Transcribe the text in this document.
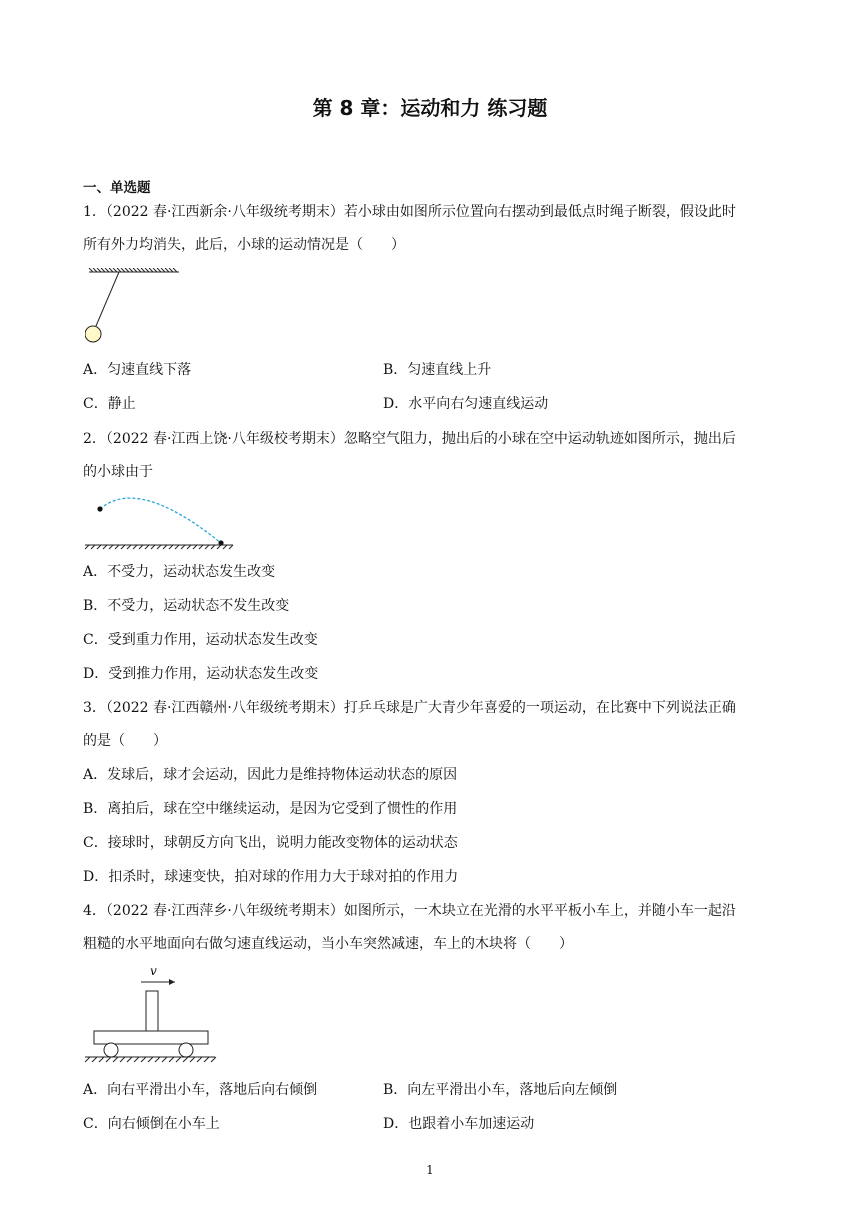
第 8 章：运动和力 练习题
一、单选题
1．（2022 春·江西新余·八年级统考期末）若小球由如图所示位置向右摆动到最低点时绳子断裂，假设此时
所有外力均消失，此后，小球的运动情况是（　　）
A．匀速直线下落	B．匀速直线上升
C．静止	D．水平向右匀速直线运动
2．（2022 春·江西上饶·八年级校考期末）忽略空气阻力，抛出后的小球在空中运动轨迹如图所示，抛出后
的小球由于
A．不受力，运动状态发生改变
B．不受力，运动状态不发生改变
C．受到重力作用，运动状态发生改变
D．受到推力作用，运动状态发生改变
3．（2022 春·江西赣州·八年级统考期末）打乒乓球是广大青少年喜爱的一项运动，在比赛中下列说法正确
的是（　　）
A．发球后，球才会运动，因此力是维持物体运动状态的原因
B．离拍后，球在空中继续运动，是因为它受到了惯性的作用
C．接球时，球朝反方向飞出，说明力能改变物体的运动状态
D．扣杀时，球速变快，拍对球的作用力大于球对拍的作用力
4．（2022 春·江西萍乡·八年级统考期末）如图所示，一木块立在光滑的水平平板小车上，并随小车一起沿
粗糙的水平地面向右做匀速直线运动，当小车突然减速，车上的木块将（　　）
v
A．向右平滑出小车，落地后向右倾倒	B．向左平滑出小车，落地后向左倾倒
C．向右倾倒在小车上	D．也跟着小车加速运动
1
